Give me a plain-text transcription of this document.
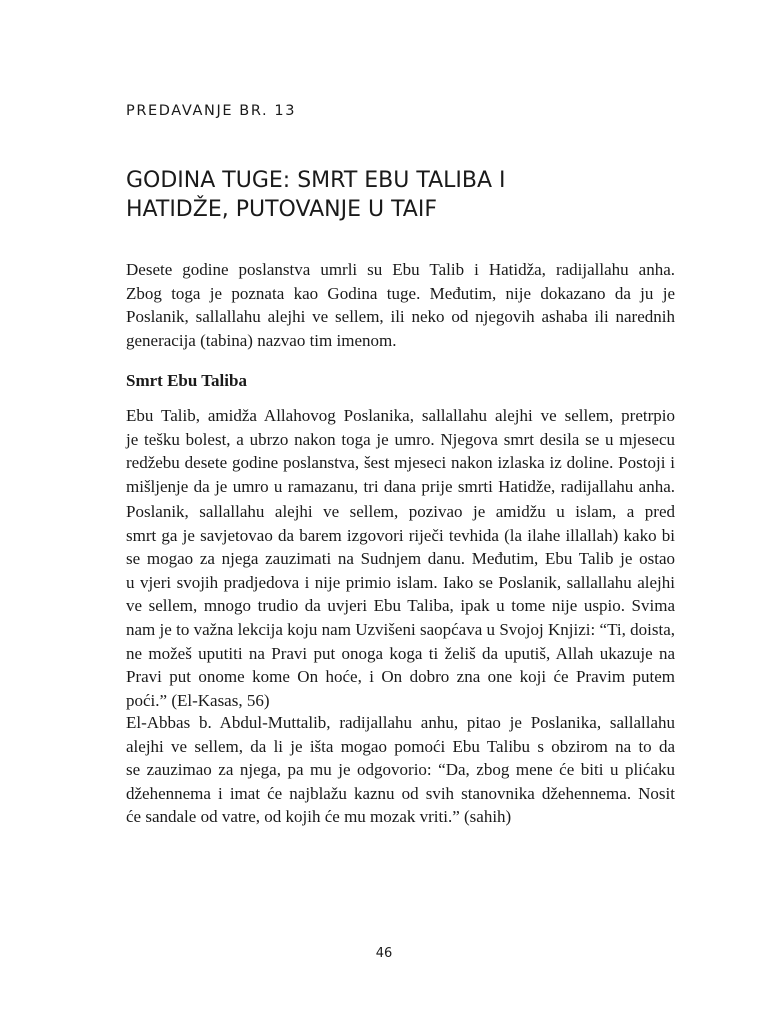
PREDAVANJE BR. 13
GODINA TUGE: SMRT EBU TALIBA I
HATIDŽE, PUTOVANJE U TAIF
Desete godine poslanstva umrli su Ebu Talib i Hatidža, radijallahu anha.
Zbog toga je poznata kao Godina tuge. Međutim, nije dokazano da ju je
Poslanik, sallallahu alejhi ve sellem, ili neko od njegovih ashaba ili narednih
generacija (tabina) nazvao tim imenom.
Smrt Ebu Taliba
Ebu Talib, amidža Allahovog Poslanika, sallallahu alejhi ve sellem, pretrpio
je tešku bolest, a ubrzo nakon toga je umro. Njegova smrt desila se u mjesecu
redžebu desete godine poslanstva, šest mjeseci nakon izlaska iz doline. Postoji i
mišljenje da je umro u ramazanu, tri dana prije smrti Hatidže, radijallahu anha.
Poslanik, sallallahu alejhi ve sellem, pozivao je amidžu u islam, a pred
smrt ga je savjetovao da barem izgovori riječi tevhida (la ilahe illallah) kako bi
se mogao za njega zauzimati na Sudnjem danu. Međutim, Ebu Talib je ostao
u vjeri svojih pradjedova i nije primio islam. Iako se Poslanik, sallallahu alejhi
ve sellem, mnogo trudio da uvjeri Ebu Taliba, ipak u tome nije uspio. Svima
nam je to važna lekcija koju nam Uzvišeni saopćava u Svojoj Knjizi: “Ti, doista,
ne možeš uputiti na Pravi put onoga koga ti želiš da uputiš, Allah ukazuje na
Pravi put onome kome On hoće, i On dobro zna one koji će Pravim putem
poći.” (El-Kasas, 56)
El-Abbas b. Abdul-Muttalib, radijallahu anhu, pitao je Poslanika, sallallahu
alejhi ve sellem, da li je išta mogao pomoći Ebu Talibu s obzirom na to da
se zauzimao za njega, pa mu je odgovorio: “Da, zbog mene će biti u plićaku
džehennema i imat će najblažu kaznu od svih stanovnika džehennema. Nosit
će sandale od vatre, od kojih će mu mozak vriti.” (sahih)
46
